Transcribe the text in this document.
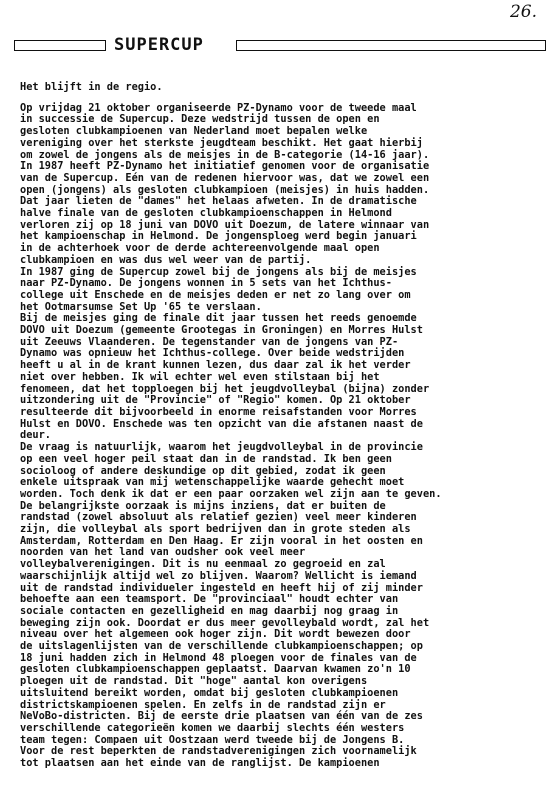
26.
SUPERCUP

Het blijft in de regio.

Op vrijdag 21 oktober organiseerde PZ-Dynamo voor de tweede maal
in successie de Supercup. Deze wedstrijd tussen de open en
gesloten clubkampioenen van Nederland moet bepalen welke
vereniging over het sterkste jeugdteam beschikt. Het gaat hierbij
om zowel de jongens als de meisjes in de B-categorie (14-16 jaar).
In 1987 heeft PZ-Dynamo het initiatief genomen voor de organisatie
van de Supercup. Eén van de redenen hiervoor was, dat we zowel een
open (jongens) als gesloten clubkampioen (meisjes) in huis hadden.
Dat jaar lieten de "dames" het helaas afweten. In de dramatische
halve finale van de gesloten clubkampioenschappen in Helmond
verloren zij op 18 juni van DOVO uit Doezum, de latere winnaar van
het kampioenschap in Helmond. De jongensploeg werd begin januari
in de achterhoek voor de derde achtereenvolgende maal open
clubkampioen en was dus wel weer van de partij.

In 1987 ging de Supercup zowel bij de jongens als bij de meisjes
naar PZ-Dynamo. De jongens wonnen in 5 sets van het Ichthus-
college uit Enschede en de meisjes deden er net zo lang over om
het Ootmarsumse Set Up '65 te verslaan.

Bij de meisjes ging de finale dit jaar tussen het reeds genoemde
DOVO uit Doezum (gemeente Grootegas in Groningen) en Morres Hulst
uit Zeeuws Vlaanderen. De tegenstander van de jongens van PZ-
Dynamo was opnieuw het Ichthus-college. Over beide wedstrijden
heeft u al in de krant kunnen lezen, dus daar zal ik het verder
niet over hebben. Ik wil echter wel even stilstaan bij het
fenomeen, dat het topploegen bij het jeugdvolleybal (bijna) zonder
uitzondering uit de "Provincie" of "Regio" komen. Op 21 oktober
resulteerde dit bijvoorbeeld in enorme reisafstanden voor Morres
Hulst en DOVO. Enschede was ten opzicht van die afstanen naast de
deur.

De vraag is natuurlijk, waarom het jeugdvolleybal in de provincie
op een veel hoger peil staat dan in de randstad. Ik ben geen
socioloog of andere deskundige op dit gebied, zodat ik geen
enkele uitspraak van mij wetenschappelijke waarde gehecht moet
worden. Toch denk ik dat er een paar oorzaken wel zijn aan te geven.
De belangrijkste oorzaak is mijns inziens, dat er buiten de
randstad (zowel absoluut als relatief gezien) veel meer kinderen
zijn, die volleybal als sport bedrijven dan in grote steden als
Amsterdam, Rotterdam en Den Haag. Er zijn vooral in het oosten en
noorden van het land van oudsher ook veel meer
volleybalverenigingen. Dit is nu eenmaal zo gegroeid en zal
waarschijnlijk altijd wel zo blijven. Waarom? Wellicht is iemand
uit de randstad individueler ingesteld en heeft hij of zij minder
behoefte aan een teamsport. De "provinciaal" houdt echter van
sociale contacten en gezelligheid en mag daarbij nog graag in
beweging zijn ook. Doordat er dus meer gevolleybald wordt, zal het
niveau over het algemeen ook hoger zijn. Dit wordt bewezen door
de uitslagenlijsten van de verschillende clubkampioenschappen; op
18 juni hadden zich in Helmond 48 ploegen voor de finales van de
gesloten clubkampioenschappen geplaatst. Daarvan kwamen zo'n 10
ploegen uit de randstad. Dit "hoge" aantal kon overigens
uitsluitend bereikt worden, omdat bij gesloten clubkampioenen
districtskampioenen spelen. En zelfs in de randstad zijn er
NeVoBo-districten. Bij de eerste drie plaatsen van één van de zes
verschillende categorieën komen we daarbij slechts één westers
team tegen: Compaen uit Oostzaan werd tweede bij de Jongens B.
Voor de rest beperkten de randstadverenigingen zich voornamelijk
tot plaatsen aan het einde van de ranglijst. De kampioenen
